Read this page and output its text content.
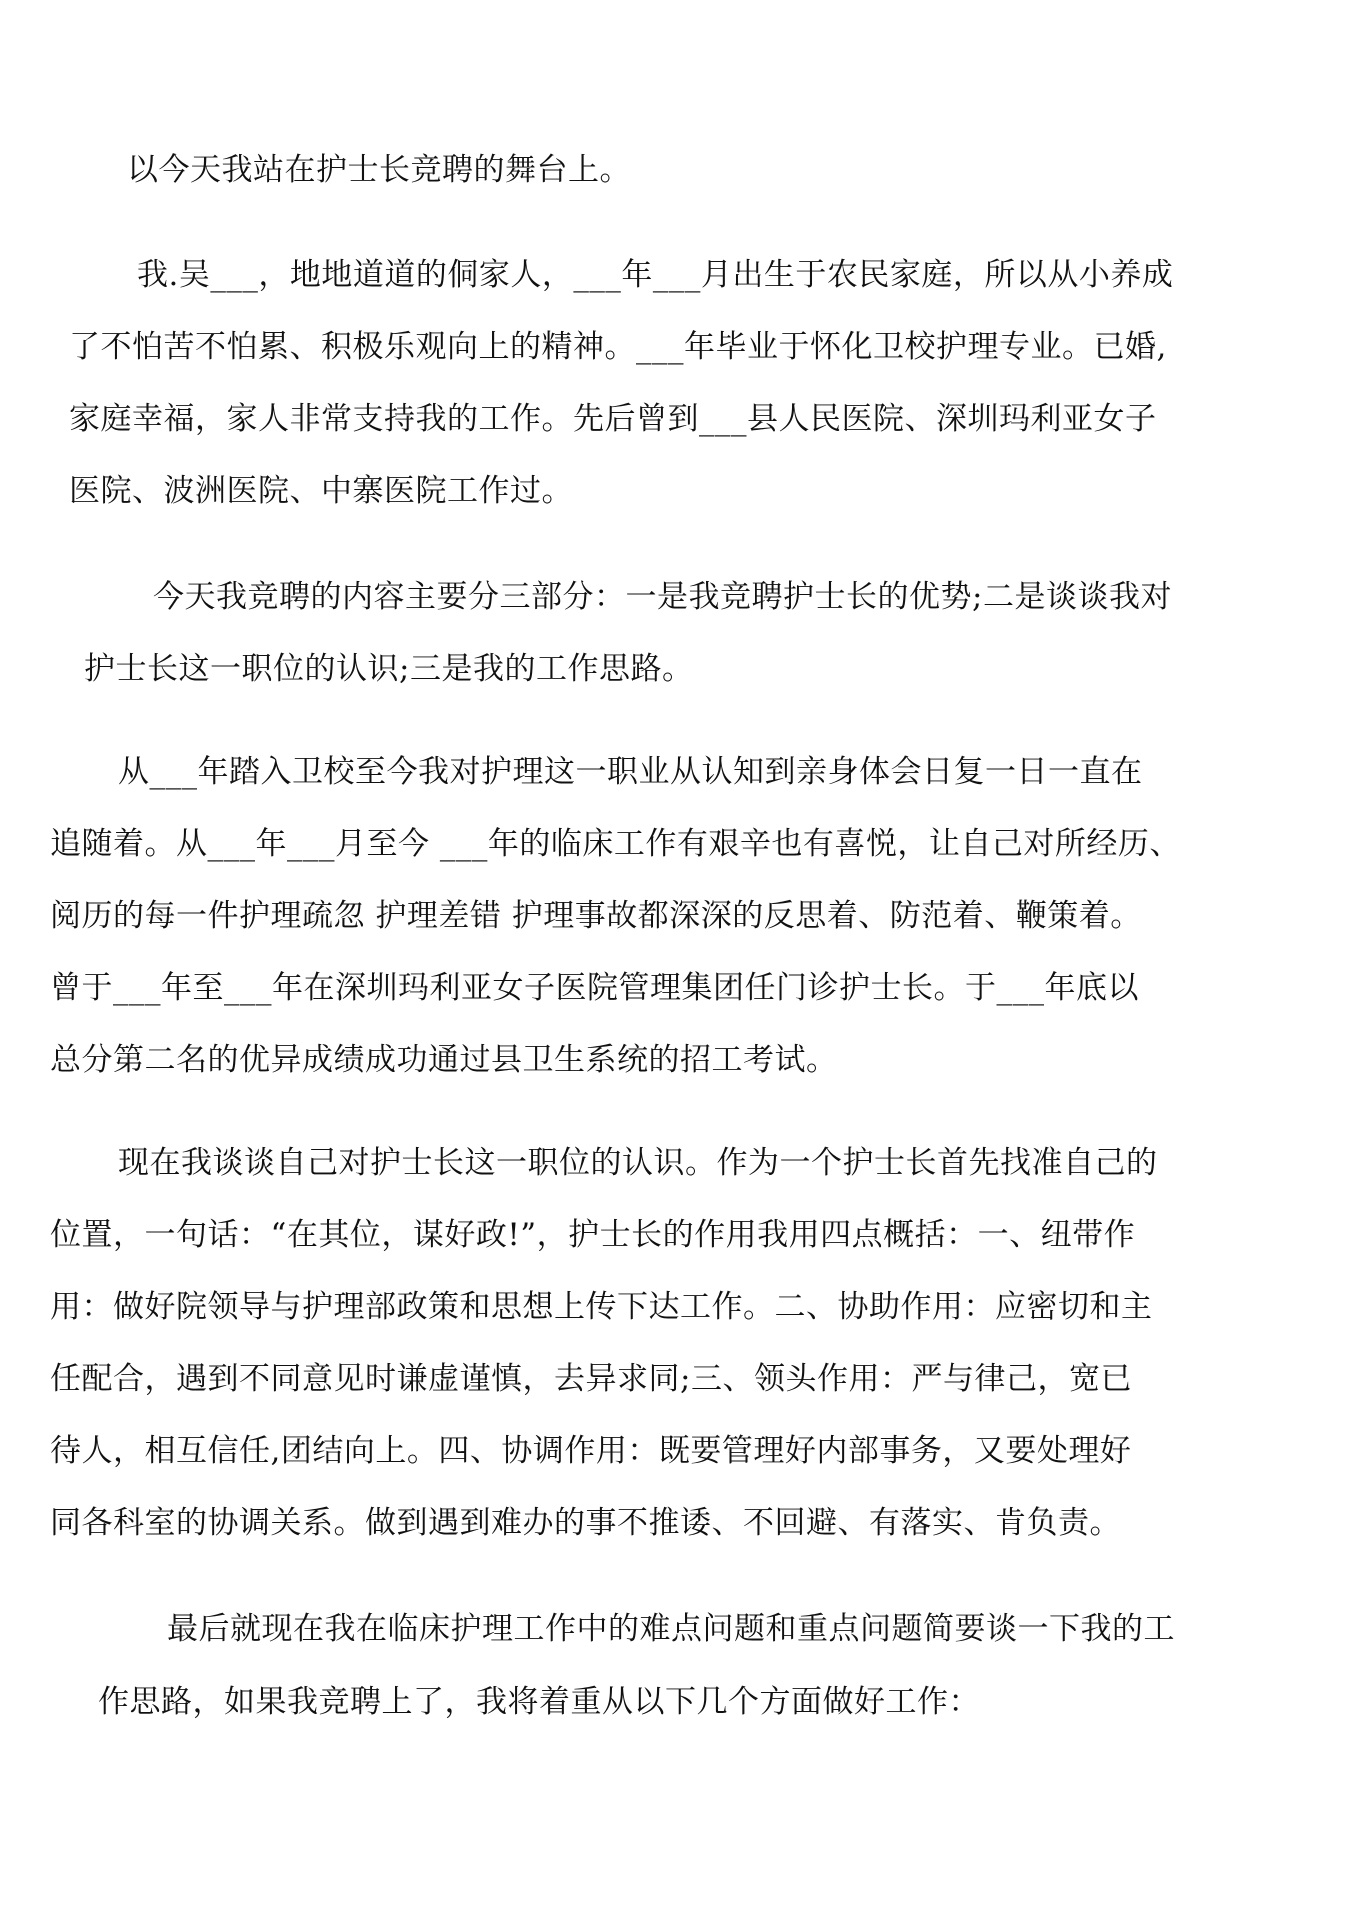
以今天我站在护士长竞聘的舞台上。
我.吴___，地地道道的侗家人，___年___月出生于农民家庭，所以从小养成
了不怕苦不怕累、积极乐观向上的精神。___年毕业于怀化卫校护理专业。已婚,
家庭幸福，家人非常支持我的工作。先后曾到___县人民医院、深圳玛利亚女子
医院、波洲医院、中寨医院工作过。
今天我竞聘的内容主要分三部分：一是我竞聘护士长的优势;二是谈谈我对
护士长这一职位的认识;三是我的工作思路。
从___年踏入卫校至今我对护理这一职业从认知到亲身体会日复一日一直在
追随着。从___年___月至今 ___年的临床工作有艰辛也有喜悦，让自己对所经历、
阅历的每一件护理疏忽 护理差错 护理事故都深深的反思着、防范着、鞭策着。
曾于___年至___年在深圳玛利亚女子医院管理集团任门诊护士长。于___年底以
总分第二名的优异成绩成功通过县卫生系统的招工考试。
现在我谈谈自己对护士长这一职位的认识。作为一个护士长首先找准自己的
位置，一句话：“在其位，谋好政!”，护士长的作用我用四点概括：一、纽带作
用：做好院领导与护理部政策和思想上传下达工作。二、协助作用：应密切和主
任配合，遇到不同意见时谦虚谨慎，去异求同;三、领头作用：严与律己，宽已
待人，相互信任,团结向上。四、协调作用：既要管理好内部事务，又要处理好
同各科室的协调关系。做到遇到难办的事不推诿、不回避、有落实、肯负责。
最后就现在我在临床护理工作中的难点问题和重点问题简要谈一下我的工
作思路，如果我竞聘上了，我将着重从以下几个方面做好工作：
